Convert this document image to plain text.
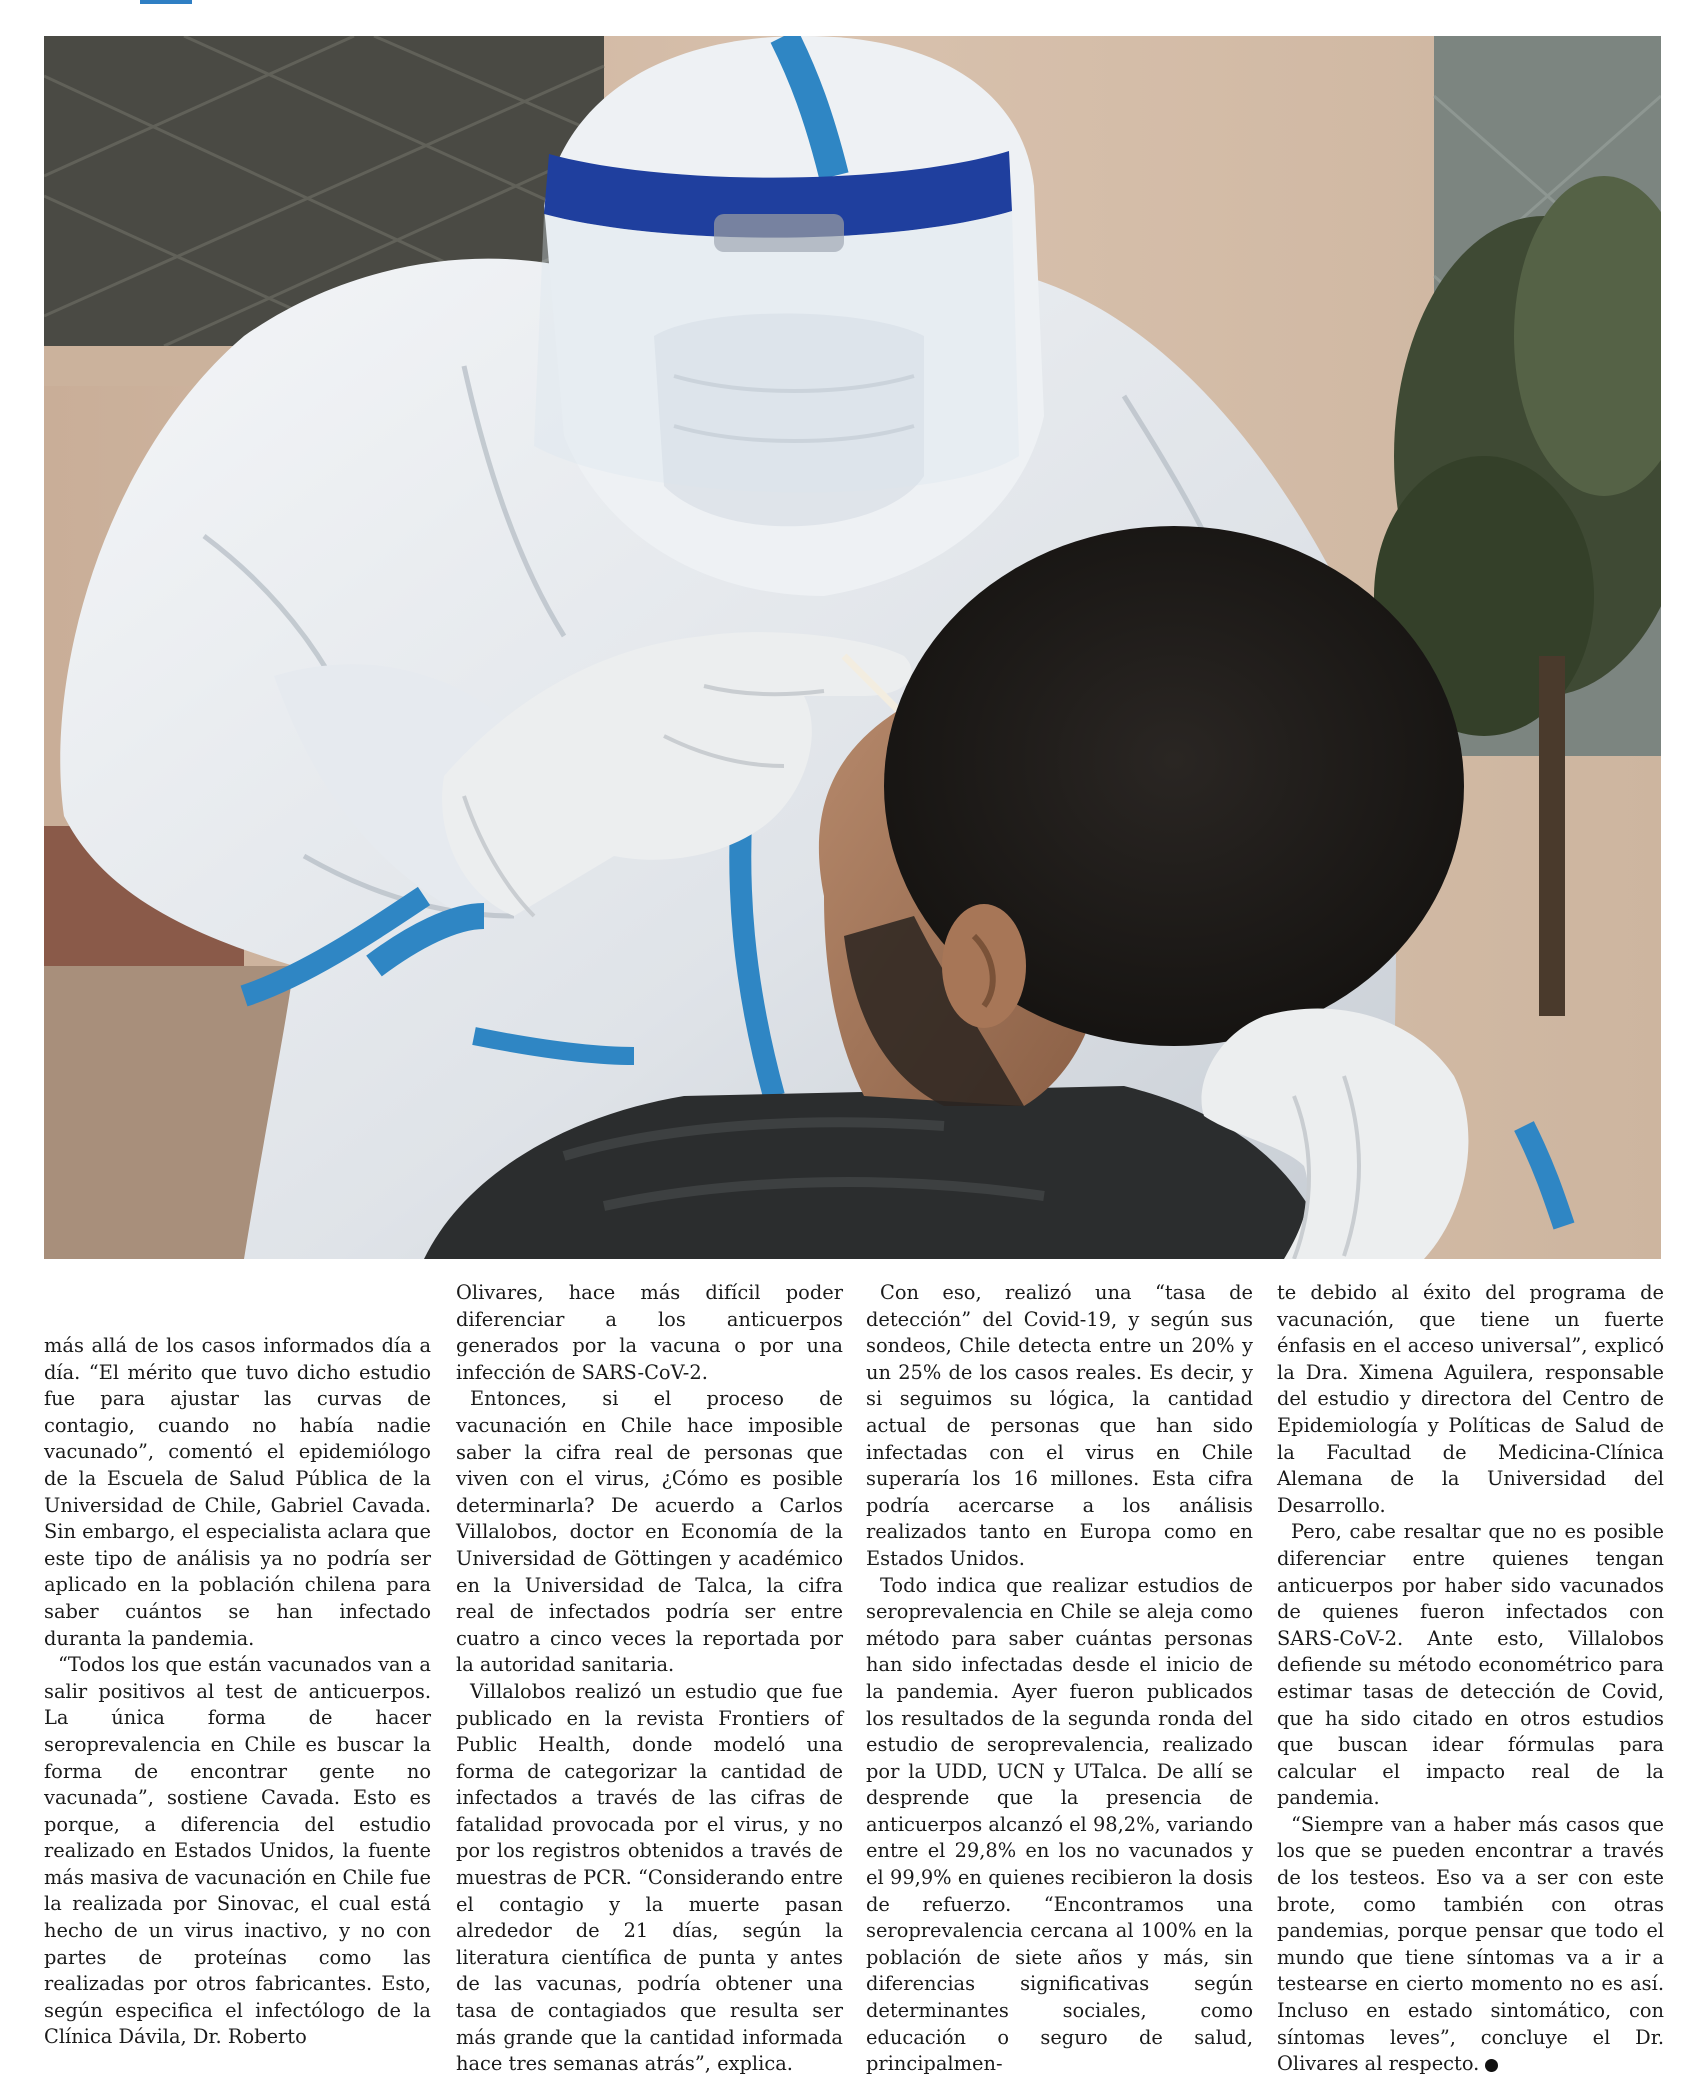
más allá de los casos informados día a día. “El mérito que tuvo dicho estudio fue para ajustar las curvas de contagio, cuando no había nadie vacunado”, comentó el epidemiólogo de la Escuela de Salud Pública de la Universidad de Chile, Gabriel Cavada. Sin embargo, el especialista aclara que este tipo de análisis ya no podría ser aplicado en la población chilena para saber cuántos se han infectado duranta la pandemia.

“Todos los que están vacunados van a salir positivos al test de anticuerpos. La única forma de hacer seroprevalencia en Chile es buscar la forma de encontrar gente no vacunada”, sostiene Cavada. Esto es porque, a diferencia del estudio realizado en Estados Unidos, la fuente más masiva de vacunación en Chile fue la realizada por Sinovac, el cual está hecho de un virus inactivo, y no con partes de proteínas como las realizadas por otros fabricantes. Esto, según especifica el infectólogo de la Clínica Dávila, Dr. Roberto

Olivares, hace más difícil poder diferenciar a los anticuerpos generados por la vacuna o por una infección de SARS-CoV-2.

Entonces, si el proceso de vacunación en Chile hace imposible saber la cifra real de personas que viven con el virus, ¿Cómo es posible determinarla? De acuerdo a Carlos Villalobos, doctor en Economía de la Universidad de Göttingen y académico en la Universidad de Talca, la cifra real de infectados podría ser entre cuatro a cinco veces la reportada por la autoridad sanitaria.

Villalobos realizó un estudio que fue publicado en la revista Frontiers of Public Health, donde modeló una forma de categorizar la cantidad de infectados a través de las cifras de fatalidad provocada por el virus, y no por los registros obtenidos a través de muestras de PCR. “Considerando entre el contagio y la muerte pasan alrededor de 21 días, según la literatura científica de punta y antes de las vacunas, podría obtener una tasa de contagiados que resulta ser más grande que la cantidad informada hace tres semanas atrás”, explica.

Con eso, realizó una “tasa de detección” del Covid-19, y según sus sondeos, Chile detecta entre un 20% y un 25% de los casos reales. Es decir, y si seguimos su lógica, la cantidad actual de personas que han sido infectadas con el virus en Chile superaría los 16 millones. Esta cifra podría acercarse a los análisis realizados tanto en Europa como en Estados Unidos.

Todo indica que realizar estudios de seroprevalencia en Chile se aleja como método para saber cuántas personas han sido infectadas desde el inicio de la pandemia. Ayer fueron publicados los resultados de la segunda ronda del estudio de seroprevalencia, realizado por la UDD, UCN y UTalca. De allí se desprende que la presencia de anticuerpos alcanzó el 98,2%, variando entre el 29,8% en los no vacunados y el 99,9% en quienes recibieron la dosis de refuerzo. “Encontramos una seroprevalencia cercana al 100% en la población de siete años y más, sin diferencias significativas según determinantes sociales, como educación o seguro de salud, principalmen-

te debido al éxito del programa de vacunación, que tiene un fuerte énfasis en el acceso universal”, explicó la Dra. Ximena Aguilera, responsable del estudio y directora del Centro de Epidemiología y Políticas de Salud de la Facultad de Medicina-Clínica Alemana de la Universidad del Desarrollo.

Pero, cabe resaltar que no es posible diferenciar entre quienes tengan anticuerpos por haber sido vacunados de quienes fueron infectados con SARS-CoV-2. Ante esto, Villalobos defiende su método econométrico para estimar tasas de detección de Covid, que ha sido citado en otros estudios que buscan idear fórmulas para calcular el impacto real de la pandemia.

“Siempre van a haber más casos que los que se pueden encontrar a través de los testeos. Eso va a ser con este brote, como también con otras pandemias, porque pensar que todo el mundo que tiene síntomas va a ir a testearse en cierto momento no es así. Incluso en estado sintomático, con síntomas leves”, concluye el Dr. Olivares al respecto.
